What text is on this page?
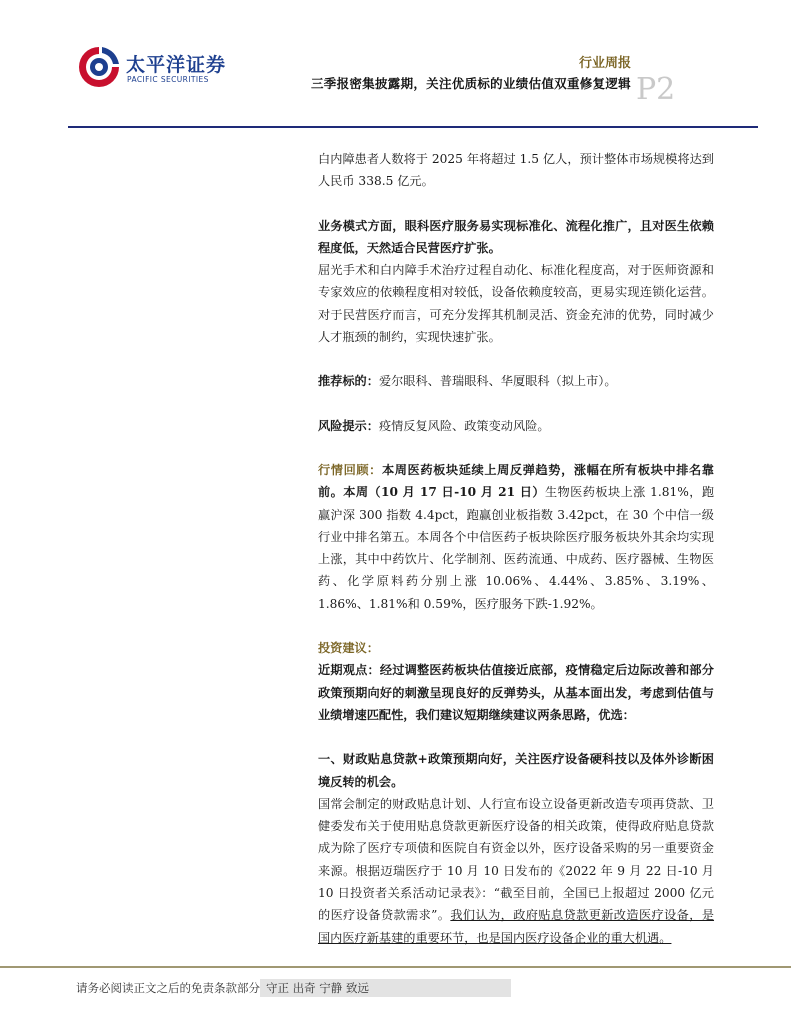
太平洋证券
PACIFIC SECURITIES
行业周报
三季报密集披露期，关注优质标的业绩估值双重修复逻辑 P2

白内障患者人数将于 2025 年将超过 1.5 亿人，预计整体市场规模将达到人民币 338.5 亿元。

业务模式方面，眼科医疗服务易实现标准化、流程化推广，且对医生依赖程度低，天然适合民营医疗扩张。

屈光手术和白内障手术治疗过程自动化、标准化程度高，对于医师资源和专家效应的依赖程度相对较低，设备依赖度较高，更易实现连锁化运营。对于民营医疗而言，可充分发挥其机制灵活、资金充沛的优势，同时减少人才瓶颈的制约，实现快速扩张。

推荐标的：爱尔眼科、普瑞眼科、华厦眼科（拟上市）。

风险提示：疫情反复风险、政策变动风险。

行情回顾：本周医药板块延续上周反弹趋势，涨幅在所有板块中排名靠前。本周（10 月 17 日-10 月 21 日）生物医药板块上涨 1.81%，跑赢沪深 300 指数 4.4pct，跑赢创业板指数 3.42pct，在 30 个中信一级行业中排名第五。本周各个中信医药子板块除医疗服务板块外其余均实现上涨，其中中药饮片、化学制剂、医药流通、中成药、医疗器械、生物医药、化学原料药分别上涨 10.06%、4.44%、3.85%、3.19%、1.86%、1.81%和 0.59%，医疗服务下跌-1.92%。

投资建议：

近期观点：经过调整医药板块估值接近底部，疫情稳定后边际改善和部分政策预期向好的刺激呈现良好的反弹势头，从基本面出发，考虑到估值与业绩增速匹配性，我们建议短期继续建议两条思路，优选：

一、财政贴息贷款+政策预期向好，关注医疗设备硬科技以及体外诊断困境反转的机会。

国常会制定的财政贴息计划、人行宣布设立设备更新改造专项再贷款、卫健委发布关于使用贴息贷款更新医疗设备的相关政策，使得政府贴息贷款成为除了医疗专项债和医院自有资金以外，医疗设备采购的另一重要资金来源。根据迈瑞医疗于 10 月 10 日发布的《2022 年 9 月 22 日-10 月 10 日投资者关系活动记录表》：“截至目前，全国已上报超过 2000 亿元的医疗设备贷款需求”。我们认为，政府贴息贷款更新改造医疗设备，是国内医疗新基建的重要环节，也是国内医疗设备企业的重大机遇。

请务必阅读正文之后的免责条款部分 守正 出奇 宁静 致远
